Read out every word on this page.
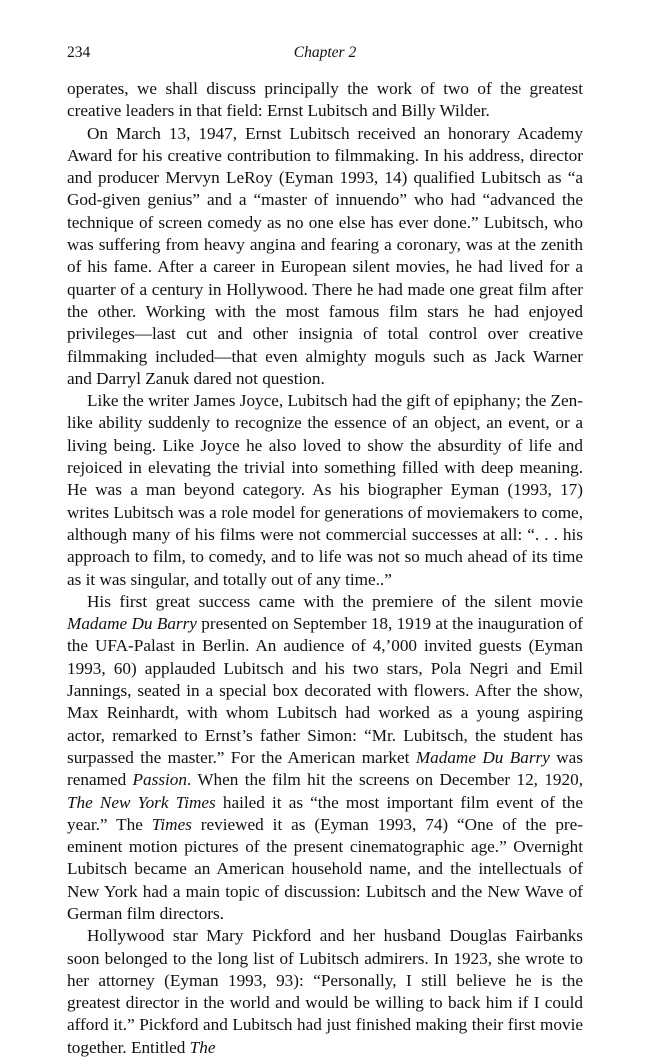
234	Chapter 2

operates, we shall discuss principally the work of two of the greatest creative leaders in that field: Ernst Lubitsch and Billy Wilder.

On March 13, 1947, Ernst Lubitsch received an honorary Academy Award for his creative contribution to filmmaking. In his address, director and producer Mervyn LeRoy (Eyman 1993, 14) qualified Lubitsch as “a God-given genius” and a “master of innuendo” who had “advanced the technique of screen comedy as no one else has ever done.” Lubitsch, who was suffering from heavy angina and fearing a coronary, was at the zenith of his fame. After a career in European silent movies, he had lived for a quarter of a century in Hollywood. There he had made one great film after the other. Working with the most famous film stars he had enjoyed privileges—last cut and other insignia of total control over creative filmmaking included—that even almighty moguls such as Jack Warner and Darryl Zanuk dared not question.

Like the writer James Joyce, Lubitsch had the gift of epiphany; the Zen-like ability suddenly to recognize the essence of an object, an event, or a living being. Like Joyce he also loved to show the absurdity of life and rejoiced in elevating the trivial into something filled with deep meaning. He was a man beyond category. As his biographer Eyman (1993, 17) writes Lubitsch was a role model for generations of moviemakers to come, although many of his films were not commercial successes at all: “. . . his approach to film, to comedy, and to life was not so much ahead of its time as it was singular, and totally out of any time..”

His first great success came with the premiere of the silent movie Madame Du Barry presented on September 18, 1919 at the inauguration of the UFA-Palast in Berlin. An audience of 4,’000 invited guests (Eyman 1993, 60) applauded Lubitsch and his two stars, Pola Negri and Emil Jannings, seated in a special box decorated with flowers. After the show, Max Reinhardt, with whom Lubitsch had worked as a young aspiring actor, remarked to Ernst’s father Simon: “Mr. Lubitsch, the student has surpassed the master.” For the American market Madame Du Barry was renamed Passion. When the film hit the screens on December 12, 1920, The New York Times hailed it as “the most important film event of the year.” The Times reviewed it as (Eyman 1993, 74) “One of the pre-eminent motion pictures of the present cinematographic age.” Overnight Lubitsch became an American household name, and the intellectuals of New York had a main topic of discussion: Lubitsch and the New Wave of German film directors.

Hollywood star Mary Pickford and her husband Douglas Fairbanks soon belonged to the long list of Lubitsch admirers. In 1923, she wrote to her attorney (Eyman 1993, 93): “Personally, I still believe he is the greatest director in the world and would be willing to back him if I could afford it.” Pickford and Lubitsch had just finished making their first movie together. Entitled The
